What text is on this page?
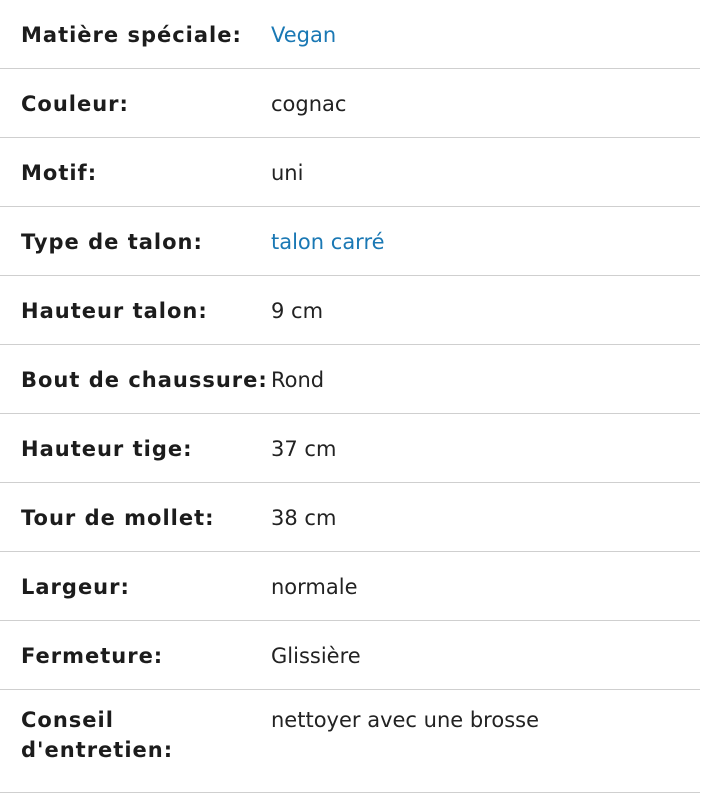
Matière spéciale:	Vegan
Couleur:	cognac
Motif:	uni
Type de talon:	talon carré
Hauteur talon:	9 cm
Bout de chaussure: Rond
Hauteur tige:	37 cm
Tour de mollet:	38 cm
Largeur:	normale
Fermeture:	Glissière
Conseil d'entretien:
nettoyer avec une brosse
